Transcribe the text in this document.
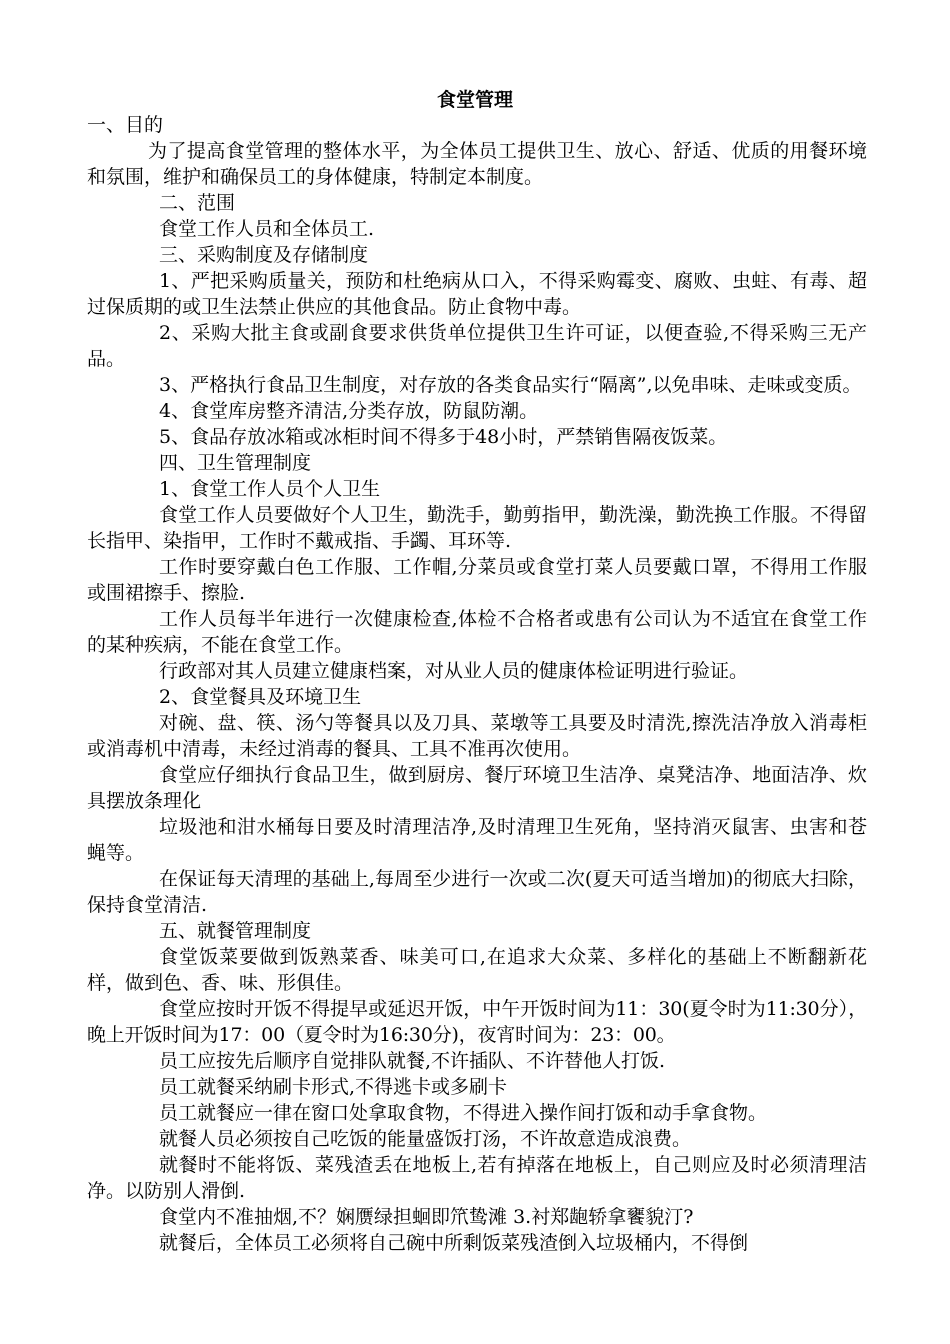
食堂管理

一、目的

为了提高食堂管理的整体水平，为全体员工提供卫生、放心、舒适、优质的用餐环境和氛围，维护和确保员工的身体健康，特制定本制度。

二、范围

食堂工作人员和全体员工.

三、采购制度及存储制度

1、严把采购质量关，预防和杜绝病从口入，不得采购霉变、腐败、虫蛀、有毒、超过保质期的或卫生法禁止供应的其他食品。防止食物中毒。

2、采购大批主食或副食要求供货单位提供卫生许可证，以便查验,不得采购三无产品。

3、严格执行食品卫生制度，对存放的各类食品实行“隔离”,以免串味、走味或变质。

4、食堂库房整齐清洁,分类存放，防鼠防潮。

5、食品存放冰箱或冰柜时间不得多于48小时，严禁销售隔夜饭菜。

四、卫生管理制度

1、食堂工作人员个人卫生

食堂工作人员要做好个人卫生，勤洗手，勤剪指甲，勤洗澡，勤洗换工作服。不得留长指甲、染指甲，工作时不戴戒指、手蠲、耳环等.

工作时要穿戴白色工作服、工作帽,分菜员或食堂打菜人员要戴口罩，不得用工作服或围裙擦手、擦脸.

工作人员每半年进行一次健康检查,体检不合格者或患有公司认为不适宜在食堂工作的某种疾病，不能在食堂工作。

行政部对其人员建立健康档案，对从业人员的健康体检证明进行验证。

2、食堂餐具及环境卫生

对碗、盘、筷、汤勺等餐具以及刀具、菜墩等工具要及时清洗,擦洗洁净放入消毒柜或消毒机中清毒，未经过消毒的餐具、工具不准再次使用。

食堂应仔细执行食品卫生，做到厨房、餐厅环境卫生洁净、桌凳洁净、地面洁净、炊具摆放条理化

垃圾池和泔水桶每日要及时清理洁净,及时清理卫生死角，坚持消灭鼠害、虫害和苍蝇等。

在保证每天清理的基础上,每周至少进行一次或二次(夏天可适当增加)的彻底大扫除，保持食堂清洁.

五、就餐管理制度

食堂饭菜要做到饭熟菜香、味美可口,在追求大众菜、多样化的基础上不断翻新花样，做到色、香、味、形俱佳。

食堂应按时开饭不得提早或延迟开饭，中午开饭时间为11：30(夏令时为11:30分），晚上开饭时间为17：00（夏令时为16:30分)，夜宵时间为：23：00。

员工应按先后顺序自觉排队就餐,不许插队、不许替他人打饭.

员工就餐采纳刷卡形式,不得逃卡或多刷卡

员工就餐应一律在窗口处拿取食物，不得进入操作间打饭和动手拿食物。

就餐人员必须按自己吃饭的能量盛饭打汤，不许故意造成浪费。

就餐时不能将饭、菜残渣丢在地板上,若有掉落在地板上，自己则应及时必须清理洁净。以防别人滑倒.

食堂内不准抽烟,不？娴赝绿担蛔即笊鸷滩 3.衬郑龅轿拿饔貌汀?

就餐后，全体员工必须将自己碗中所剩饭菜残渣倒入垃圾桶内，不得倒
